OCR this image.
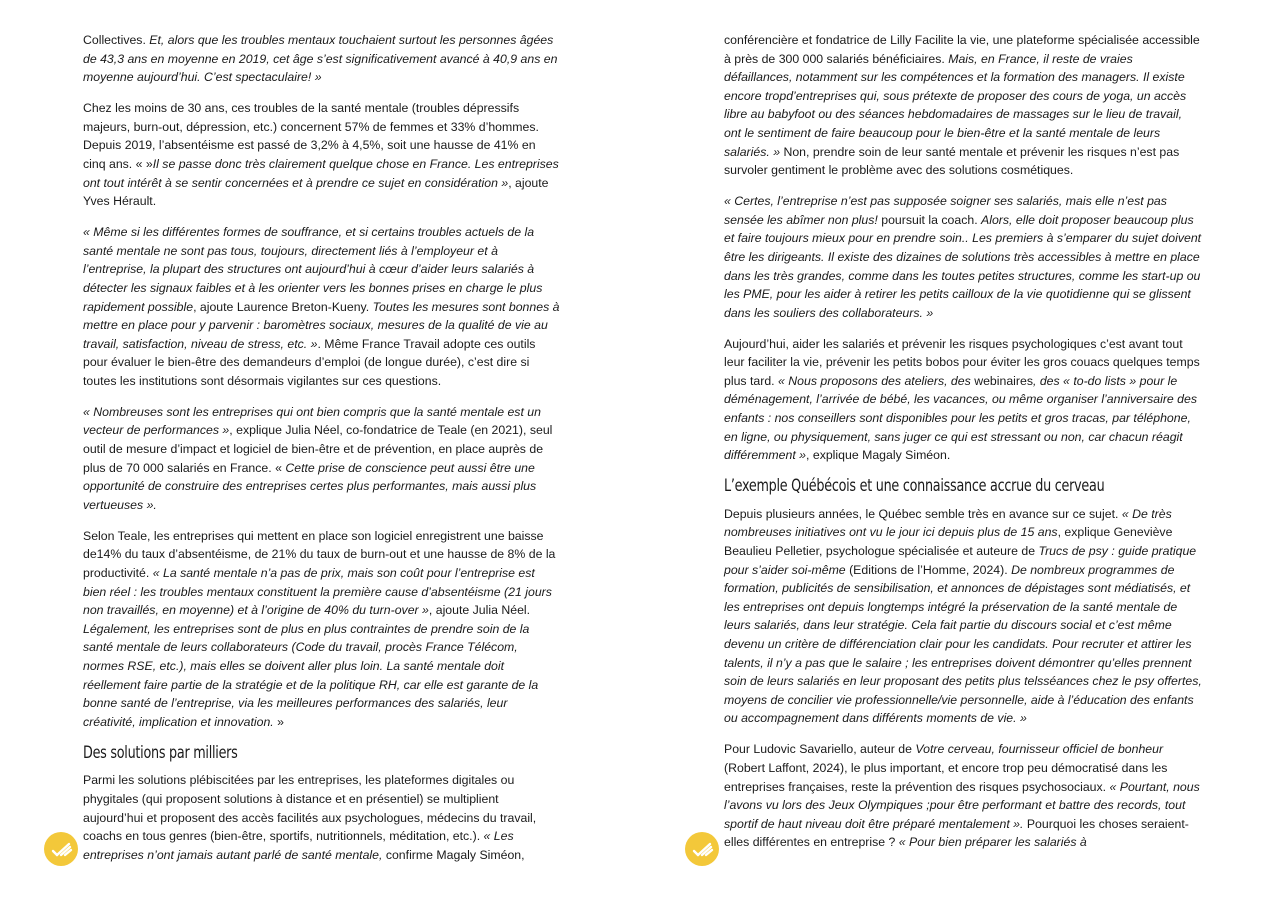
Collectives. Et, alors que les troubles mentaux touchaient surtout les personnes âgées de 43,3 ans en moyenne en 2019, cet âge s’est significativement avancé à 40,9 ans en moyenne aujourd’hui. C’est spectaculaire! »

Chez les moins de 30 ans, ces troubles de la santé mentale (troubles dépressifs majeurs, burn-out, dépression, etc.) concernent 57% de femmes et 33% d’hommes. Depuis 2019, l’absentéisme est passé de 3,2% à 4,5%, soit une hausse de 41% en cinq ans. « »Il se passe donc très clairement quelque chose en France. Les entreprises ont tout intérêt à se sentir concernées et à prendre ce sujet en considération », ajoute Yves Hérault.

« Même si les différentes formes de souffrance, et si certains troubles actuels de la santé mentale ne sont pas tous, toujours, directement liés à l’employeur et à l’entreprise, la plupart des structures ont aujourd’hui à cœur d’aider leurs salariés à détecter les signaux faibles et à les orienter vers les bonnes prises en charge le plus rapidement possible, ajoute Laurence Breton-Kueny. Toutes les mesures sont bonnes à mettre en place pour y parvenir : baromètres sociaux, mesures de la qualité de vie au travail, satisfaction, niveau de stress, etc. ». Même France Travail adopte ces outils pour évaluer le bien-être des demandeurs d’emploi (de longue durée), c’est dire si toutes les institutions sont désormais vigilantes sur ces questions.

« Nombreuses sont les entreprises qui ont bien compris que la santé mentale est un vecteur de performances », explique Julia Néel, co-fondatrice de Teale (en 2021), seul outil de mesure d’impact et logiciel de bien-être et de prévention, en place auprès de plus de 70 000 salariés en France. « Cette prise de conscience peut aussi être une opportunité de construire des entreprises certes plus performantes, mais aussi plus vertueuses ».

Selon Teale, les entreprises qui mettent en place son logiciel enregistrent une baisse de14% du taux d’absentéisme, de 21% du taux de burn-out et une hausse de 8% de la productivité. « La santé mentale n’a pas de prix, mais son coût pour l’entreprise est bien réel : les troubles mentaux constituent la première cause d’absentéisme (21 jours non travaillés, en moyenne) et à l’origine de 40% du turn-over », ajoute Julia Néel. Légalement, les entreprises sont de plus en plus contraintes de prendre soin de la santé mentale de leurs collaborateurs (Code du travail, procès France Télécom, normes RSE, etc.), mais elles se doivent aller plus loin. La santé mentale doit réellement faire partie de la stratégie et de la politique RH, car elle est garante de la bonne santé de l’entreprise, via les meilleures performances des salariés, leur créativité, implication et innovation. »

Des solutions par milliers

Parmi les solutions plébiscitées par les entreprises, les plateformes digitales ou phygitales (qui proposent solutions à distance et en présentiel) se multiplient aujourd’hui et proposent des accès facilités aux psychologues, médecins du travail, coachs en tous genres (bien-être, sportifs, nutritionnels, méditation, etc.). « Les entreprises n’ont jamais autant parlé de santé mentale, confirme Magaly Siméon,

conférencière et fondatrice de Lilly Facilite la vie, une plateforme spécialisée accessible à près de 300 000 salariés bénéficiaires. Mais, en France, il reste de vraies défaillances, notamment sur les compétences et la formation des managers. Il existe encore tropd’entreprises qui, sous prétexte de proposer des cours de yoga, un accès libre au babyfoot ou des séances hebdomadaires de massages sur le lieu de travail, ont le sentiment de faire beaucoup pour le bien-être et la santé mentale de leurs salariés. » Non, prendre soin de leur santé mentale et prévenir les risques n’est pas survoler gentiment le problème avec des solutions cosmétiques.

« Certes, l’entreprise n’est pas supposée soigner ses salariés, mais elle n’est pas sensée les abîmer non plus! poursuit la coach. Alors, elle doit proposer beaucoup plus et faire toujours mieux pour en prendre soin.. Les premiers à s’emparer du sujet doivent être les dirigeants. Il existe des dizaines de solutions très accessibles à mettre en place dans les très grandes, comme dans les toutes petites structures, comme les start-up ou les PME, pour les aider à retirer les petits cailloux de la vie quotidienne qui se glissent dans les souliers des collaborateurs. »

Aujourd’hui, aider les salariés et prévenir les risques psychologiques c’est avant tout leur faciliter la vie, prévenir les petits bobos pour éviter les gros couacs quelques temps plus tard. « Nous proposons des ateliers, des webinaires, des « to-do lists » pour le déménagement, l’arrivée de bébé, les vacances, ou même organiser l’anniversaire des enfants : nos conseillers sont disponibles pour les petits et gros tracas, par téléphone, en ligne, ou physiquement, sans juger ce qui est stressant ou non, car chacun réagit différemment », explique Magaly Siméon.

L’exemple Québécois et une connaissance accrue du cerveau

Depuis plusieurs années, le Québec semble très en avance sur ce sujet. « De très nombreuses initiatives ont vu le jour ici depuis plus de 15 ans, explique Geneviève Beaulieu Pelletier, psychologue spécialisée et auteure de Trucs de psy : guide pratique pour s’aider soi-même (Editions de l’Homme, 2024). De nombreux programmes de formation, publicités de sensibilisation, et annonces de dépistages sont médiatisés, et les entreprises ont depuis longtemps intégré la préservation de la santé mentale de leurs salariés, dans leur stratégie. Cela fait partie du discours social et c’est même devenu un critère de différenciation clair pour les candidats. Pour recruter et attirer les talents, il n’y a pas que le salaire ; les entreprises doivent démontrer qu’elles prennent soin de leurs salariés en leur proposant des petits plus telsséances chez le psy offertes, moyens de concilier vie professionnelle/vie personnelle, aide à l’éducation des enfants ou accompagnement dans différents moments de vie. »

Pour Ludovic Savariello, auteur de Votre cerveau, fournisseur officiel de bonheur (Robert Laffont, 2024), le plus important, et encore trop peu démocratisé dans les entreprises françaises, reste la prévention des risques psychosociaux. « Pourtant, nous l’avons vu lors des Jeux Olympiques ;pour être performant et battre des records, tout sportif de haut niveau doit être préparé mentalement ». Pourquoi les choses seraient-elles différentes en entreprise ? « Pour bien préparer les salariés à
